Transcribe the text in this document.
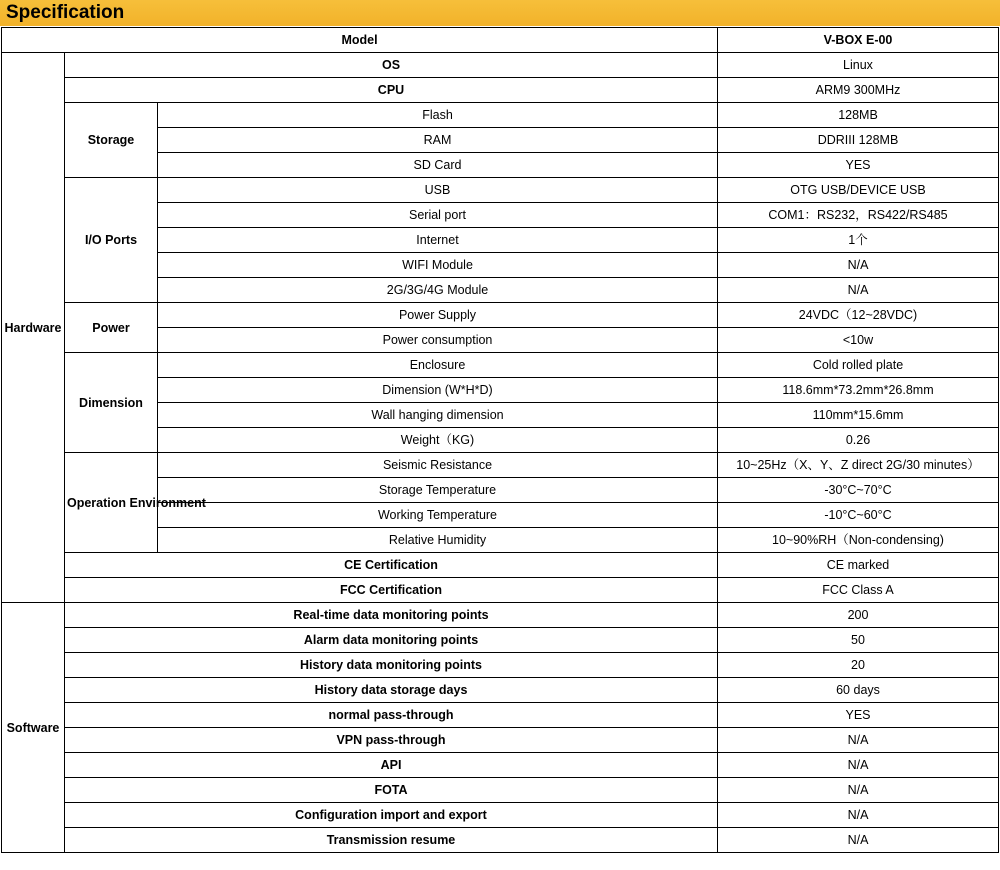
Specification
Model			V-BOX E-00
Hardware	OS		Linux
	CPU		ARM9 300MHz
	Storage	Flash	128MB
		RAM	DDRIII 128MB
		SD Card	YES
	I/O Ports	USB	OTG USB/DEVICE USB
		Serial port	COM1：RS232，RS422/RS485
		Internet	1个
		WIFI Module	N/A
		2G/3G/4G Module	N/A
	Power	Power Supply	24VDC（12~28VDC)
		Power consumption	<10w
	Dimension	Enclosure	Cold rolled plate
		Dimension (W*H*D)	118.6mm*73.2mm*26.8mm
		Wall hanging dimension	110mm*15.6mm
		Weight（KG)	0.26
	Operation Environment	Seismic Resistance	10~25Hz（X、Y、Z direct 2G/30 minutes）
		Storage Temperature	-30°C~70°C
		Working Temperature	-10°C~60°C
		Relative Humidity	10~90%RH（Non-condensing)
	CE Certification		CE marked
	FCC Certification		FCC Class A
Software	Real-time data monitoring points		200
	Alarm data monitoring points		50
	History data monitoring points		20
	History data storage days		60 days
	normal pass-through		YES
	VPN pass-through		N/A
	API		N/A
	FOTA		N/A
	Configuration import and export		N/A
	Transmission resume		N/A
